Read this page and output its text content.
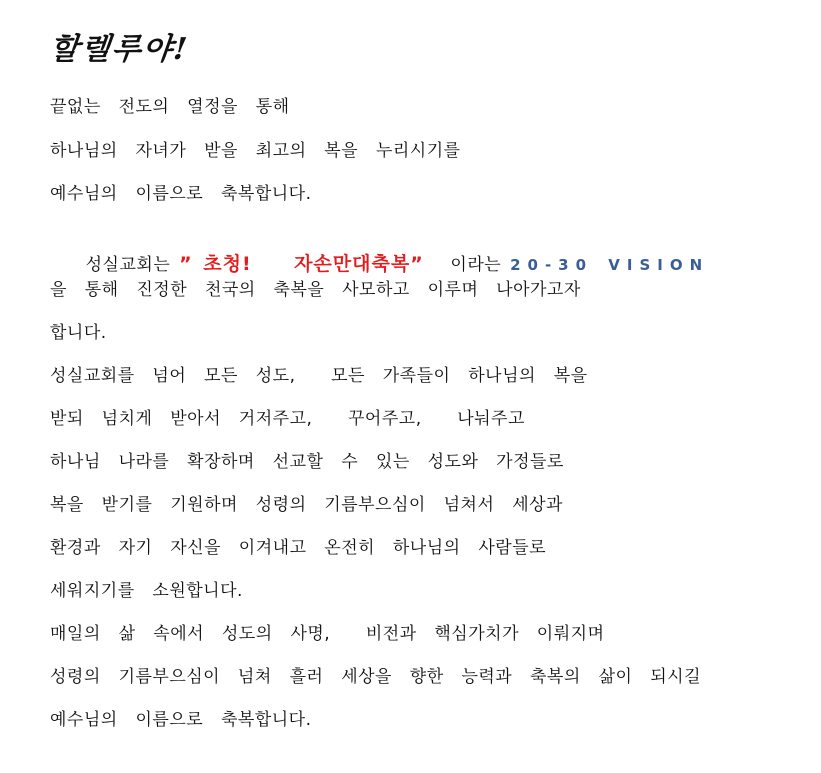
할렐루야!
끝없는  전도의  열정을  통해
하나님의  자녀가  받을  최고의  복을  누리시기를
예수님의  이름으로  축복합니다.

성실교회는 ” 초청!    자손만대축복”   이라는 20-30 VISION

을  통해  진정한  천국의  축복을  사모하고  이루며  나아가고자
합니다.
성실교회를  넘어  모든  성도,    모든  가족들이  하나님의  복을
받되  넘치게  받아서  거저주고,    꾸어주고,    나눠주고
하나님  나라를  확장하며  선교할  수  있는  성도와  가정들로
복을  받기를  기원하며  성령의  기름부으심이  넘쳐서  세상과
환경과  자기  자신을  이겨내고  온전히  하나님의  사람들로
세워지기를  소원합니다.
매일의  삶  속에서  성도의  사명,    비전과  핵심가치가  이뤄지며
성령의  기름부으심이  넘쳐  흘러  세상을  향한  능력과  축복의  삶이  되시길
예수님의  이름으로  축복합니다.
